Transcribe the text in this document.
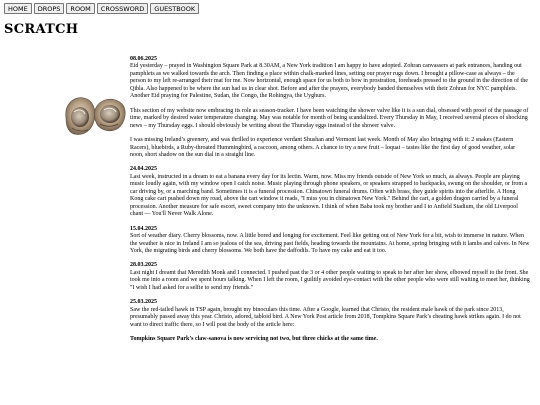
HOME	DROPS	ROOM	CROSSWORD	GUESTBOOK
SCRATCH
08.06.2025

Eid yesterday – prayed in Washington Square Park at 8.30AM, a New York tradition I am happy to have adopted. Zohran canvassers at park entrances, handing out pamphlets as we walked towards the arch. Then finding a place within chalk-marked lines, setting our prayer rugs down. I brought a pillow-case as always – the person to my left re-arranged their mat for me. Now horizontal, enough space for us both to bow in prostration, foreheads pressed to the ground in the direction of the Qibla. Also happened to be where the sun had us in clear shot. Before and after the prayers, everybody banded themselves with their Zohran for NYC pamphlets. Another Eid praying for Palestine, Sudan, the Congo, the Rohingya, the Uyghurs.

This section of my website now embracing its role as season-tracker. I have been watching the shower valve like it is a sun dial, obsessed with proof of the passage of time, marked by desired water temperature changing. May was notable for month of being scandalized. Every Thursday in May, I received several pieces of shocking news – my Thursday eggs. I should obviously be writing about the Thursday eggs instead of the shower valve.

I was missing Ireland’s greenery, and was thrilled to experience verdant Shushan and Vermont last week. Month of May also bringing with it: 2 snakes (Eastern Racers), bluebirds, a Ruby-throated Hummingbird, a raccoon, among others. A chance to try a new fruit – loquat – tastes like the first day of good weather, solar noon, short shadow on the sun dial in a straight line.

24.04.2025

Last week, instructed in a dream to eat a banana every day for its lectin. Warm, now. Miss my friends outside of New York so much, as always. People are playing music loudly again, with my window open I catch noise. Music playing through phone speakers, or speakers strapped to backpacks, swung on the shoulder, or from a car driving by, or a marching band. Sometimes it is a funeral procession. Chinatown funeral drums. Often with brass, they guide spirits into the afterlife. A Hong Kong cake cart pushed down my road, above the cart window it reads, "I miss you in chinatown New York." Behind the cart, a golden dragon carried by a funeral procession. Another measure for safe escort, sweet company into the unknown. I think of when Baba took my brother and I to Anfield Stadium, the old Liverpool chant — You'll Never Walk Alone.

15.04.2025

Sort of weather diary. Cherry blossoms, now. A little bored and longing for excitement. Feel like getting out of New York for a bit, wish to immerse in nature. When the weather is nice in Ireland I am so jealous of the sea, driving past fields, heading towards the mountains. At home, spring bringing with it lambs and calves. In New York, the migrating birds and cherry blossoms. We both have the daffodils. To have my cake and eat it too.

28.03.2025

Last night I dreamt that Meredith Monk and I connected. I pushed past the 3 or 4 other people waiting to speak to her after her show, elbowed myself to the front. She took me into a room and we spent hours talking. When I left the room, I guiltily avoided eye-contact with the other people who were still waiting to meet her, thinking "I wish I had asked for a selfie to send my friends."

25.03.2025

Saw the red-tailed hawk in TSP again, brought my binoculars this time. After a Google, learned that Christo, the resident male hawk of the park since 2013, presumably passed away this year. Christo, adored, tabloid bird. A New York Post article from 2018, Tompkins Square Park’s cheating hawk strikes again. I do not want to direct traffic there, so I will post the body of the article here:

Tompkins Square Park’s claw-sanova is now servicing not two, but three chicks at the same time.
